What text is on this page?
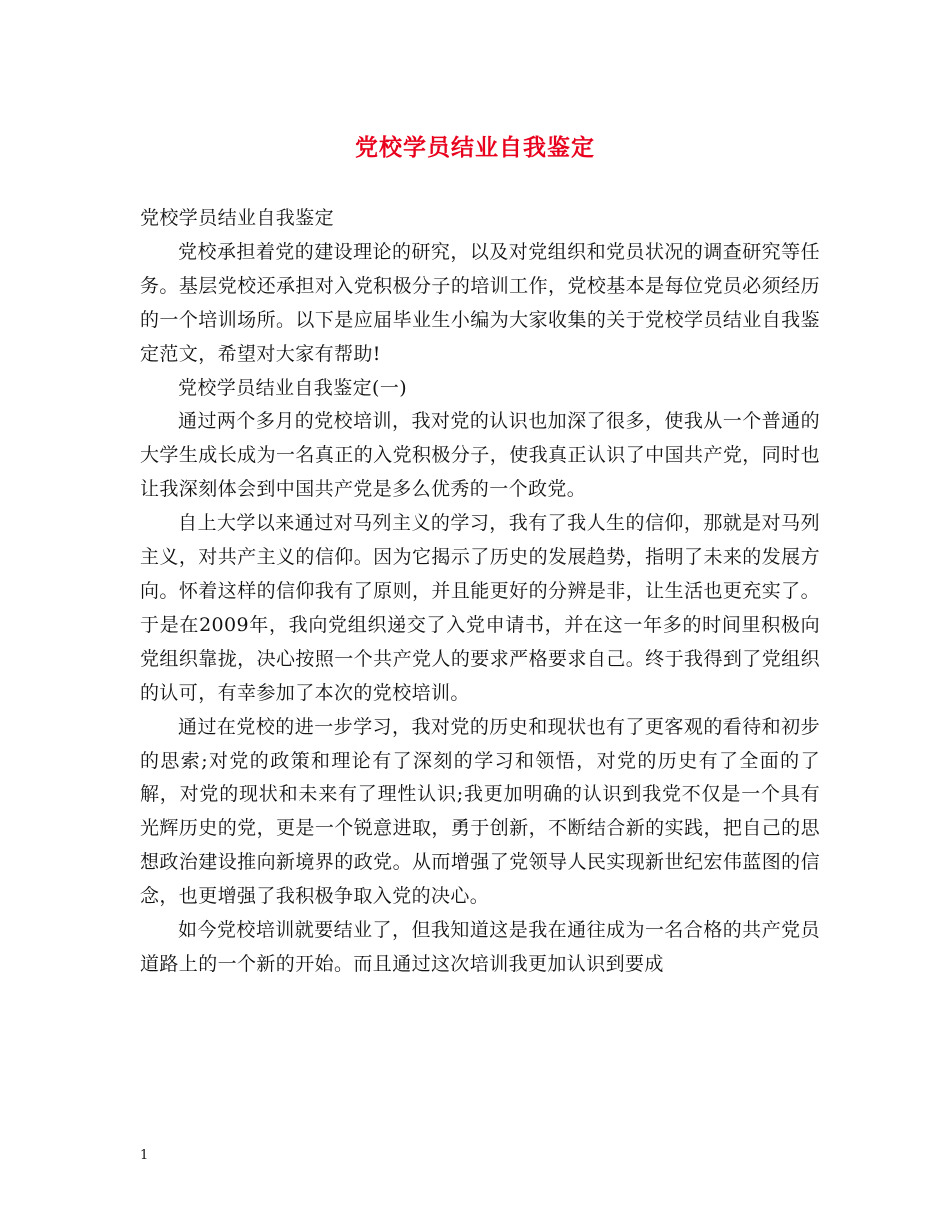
党校学员结业自我鉴定

党校学员结业自我鉴定

党校承担着党的建设理论的研究，以及对党组织和党员状况的调查研究等任务。基层党校还承担对入党积极分子的培训工作，党校基本是每位党员必须经历的一个培训场所。以下是应届毕业生小编为大家收集的关于党校学员结业自我鉴定范文，希望对大家有帮助!

党校学员结业自我鉴定(一)

通过两个多月的党校培训，我对党的认识也加深了很多，使我从一个普通的大学生成长成为一名真正的入党积极分子，使我真正认识了中国共产党，同时也让我深刻体会到中国共产党是多么优秀的一个政党。

自上大学以来通过对马列主义的学习，我有了我人生的信仰，那就是对马列主义，对共产主义的信仰。因为它揭示了历史的发展趋势，指明了未来的发展方向。怀着这样的信仰我有了原则，并且能更好的分辨是非，让生活也更充实了。于是在2009年，我向党组织递交了入党申请书，并在这一年多的时间里积极向党组织靠拢，决心按照一个共产党人的要求严格要求自己。终于我得到了党组织的认可，有幸参加了本次的党校培训。

通过在党校的进一步学习，我对党的历史和现状也有了更客观的看待和初步的思索;对党的政策和理论有了深刻的学习和领悟，对党的历史有了全面的了解，对党的现状和未来有了理性认识;我更加明确的认识到我党不仅是一个具有光辉历史的党，更是一个锐意进取，勇于创新，不断结合新的实践，把自己的思想政治建设推向新境界的政党。从而增强了党领导人民实现新世纪宏伟蓝图的信念，也更增强了我积极争取入党的决心。

如今党校培训就要结业了，但我知道这是我在通往成为一名合格的共产党员道路上的一个新的开始。而且通过这次培训我更加认识到要成

1
